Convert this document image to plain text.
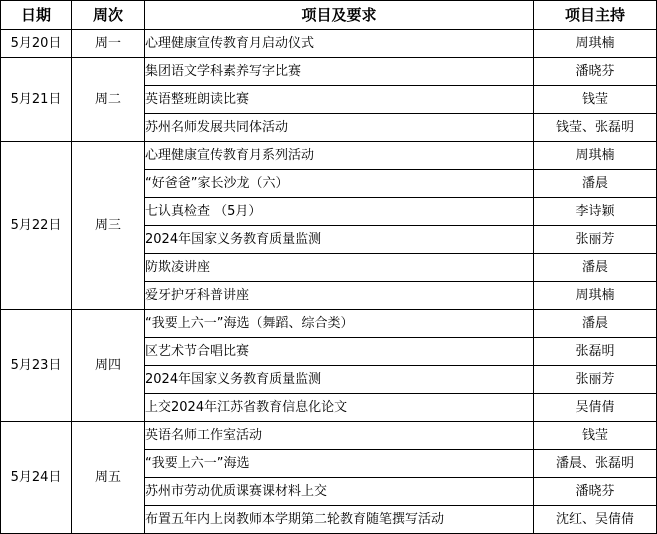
日期	周次	项目及要求	项目主持
5月20日	周一	心理健康宣传教育月启动仪式	周琪楠
5月21日	周二	集团语文学科素养写字比赛	潘晓芬
		英语整班朗读比赛	钱莹
		苏州名师发展共同体活动	钱莹、张磊明
5月22日	周三	心理健康宣传教育月系列活动	周琪楠
		“好爸爸”家长沙龙（六）	潘晨
		七认真检查 （5月）	李诗颖
		2024年国家义务教育质量监测	张丽芳
		防欺凌讲座	潘晨
		爱牙护牙科普讲座	周琪楠
5月23日	周四	“我要上六一”海选（舞蹈、综合类）	潘晨
		区艺术节合唱比赛	张磊明
		2024年国家义务教育质量监测	张丽芳
		上交2024年江苏省教育信息化论文	吴倩倩
5月24日	周五	英语名师工作室活动	钱莹
		“我要上六一”海选	潘晨、张磊明
		苏州市劳动优质课赛课材料上交	潘晓芬
		布置五年内上岗教师本学期第二轮教育随笔撰写活动	沈红、吴倩倩
